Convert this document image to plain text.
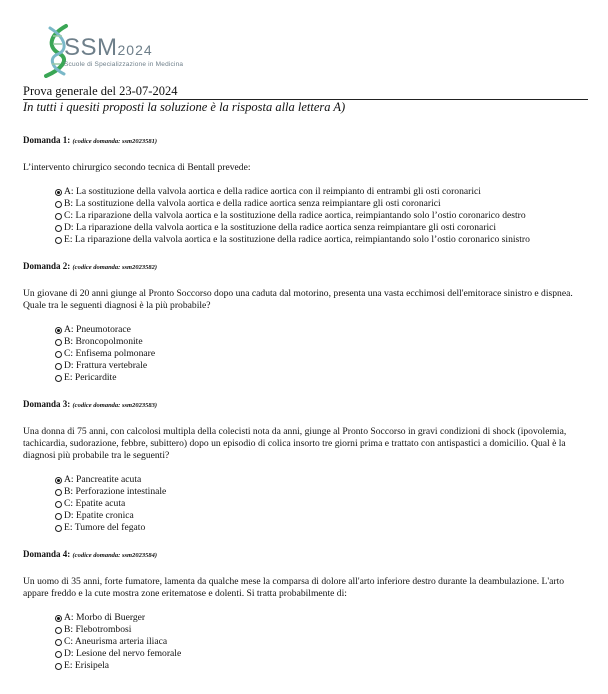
SSM2024
Scuole di Specializzazione in Medicina
Prova generale del 23-07-2024
In tutti i quesiti proposti la soluzione è la risposta alla lettera A)
Domanda 1: (codice domanda: ssm2023581)
L’intervento chirurgico secondo tecnica di Bentall prevede:
A: La sostituzione della valvola aortica e della radice aortica con il reimpianto di entrambi gli osti coronarici
B: La sostituzione della valvola aortica e della radice aortica senza reimpiantare gli osti coronarici
C: La riparazione della valvola aortica e la sostituzione della radice aortica, reimpiantando solo l’ostio coronarico destro
D: La riparazione della valvola aortica e la sostituzione della radice aortica senza reimpiantare gli osti coronarici
E: La riparazione della valvola aortica e la sostituzione della radice aortica, reimpiantando solo l’ostio coronarico sinistro
Domanda 2: (codice domanda: ssm2023582)
Un giovane di 20 anni giunge al Pronto Soccorso dopo una caduta dal motorino, presenta una vasta ecchimosi dell'emitorace sinistro e dispnea. Quale tra le seguenti diagnosi è la più probabile?
A: Pneumotorace
B: Broncopolmonite
C: Enfisema polmonare
D: Frattura vertebrale
E: Pericardite
Domanda 3: (codice domanda: ssm2023583)
Una donna di 75 anni, con calcolosi multipla della colecisti nota da anni, giunge al Pronto Soccorso in gravi condizioni di shock (ipovolemia, tachicardia, sudorazione, febbre, subittero) dopo un episodio di colica insorto tre giorni prima e trattato con antispastici a domicilio. Qual è la diagnosi più probabile tra le seguenti?
A: Pancreatite acuta
B: Perforazione intestinale
C: Epatite acuta
D: Epatite cronica
E: Tumore del fegato
Domanda 4: (codice domanda: ssm2023584)
Un uomo di 35 anni, forte fumatore, lamenta da qualche mese la comparsa di dolore all'arto inferiore destro durante la deambulazione. L'arto appare freddo e la cute mostra zone eritematose e dolenti. Si tratta probabilmente di:
A: Morbo di Buerger
B: Flebotrombosi
C: Aneurisma arteria iliaca
D: Lesione del nervo femorale
E: Erisipela
